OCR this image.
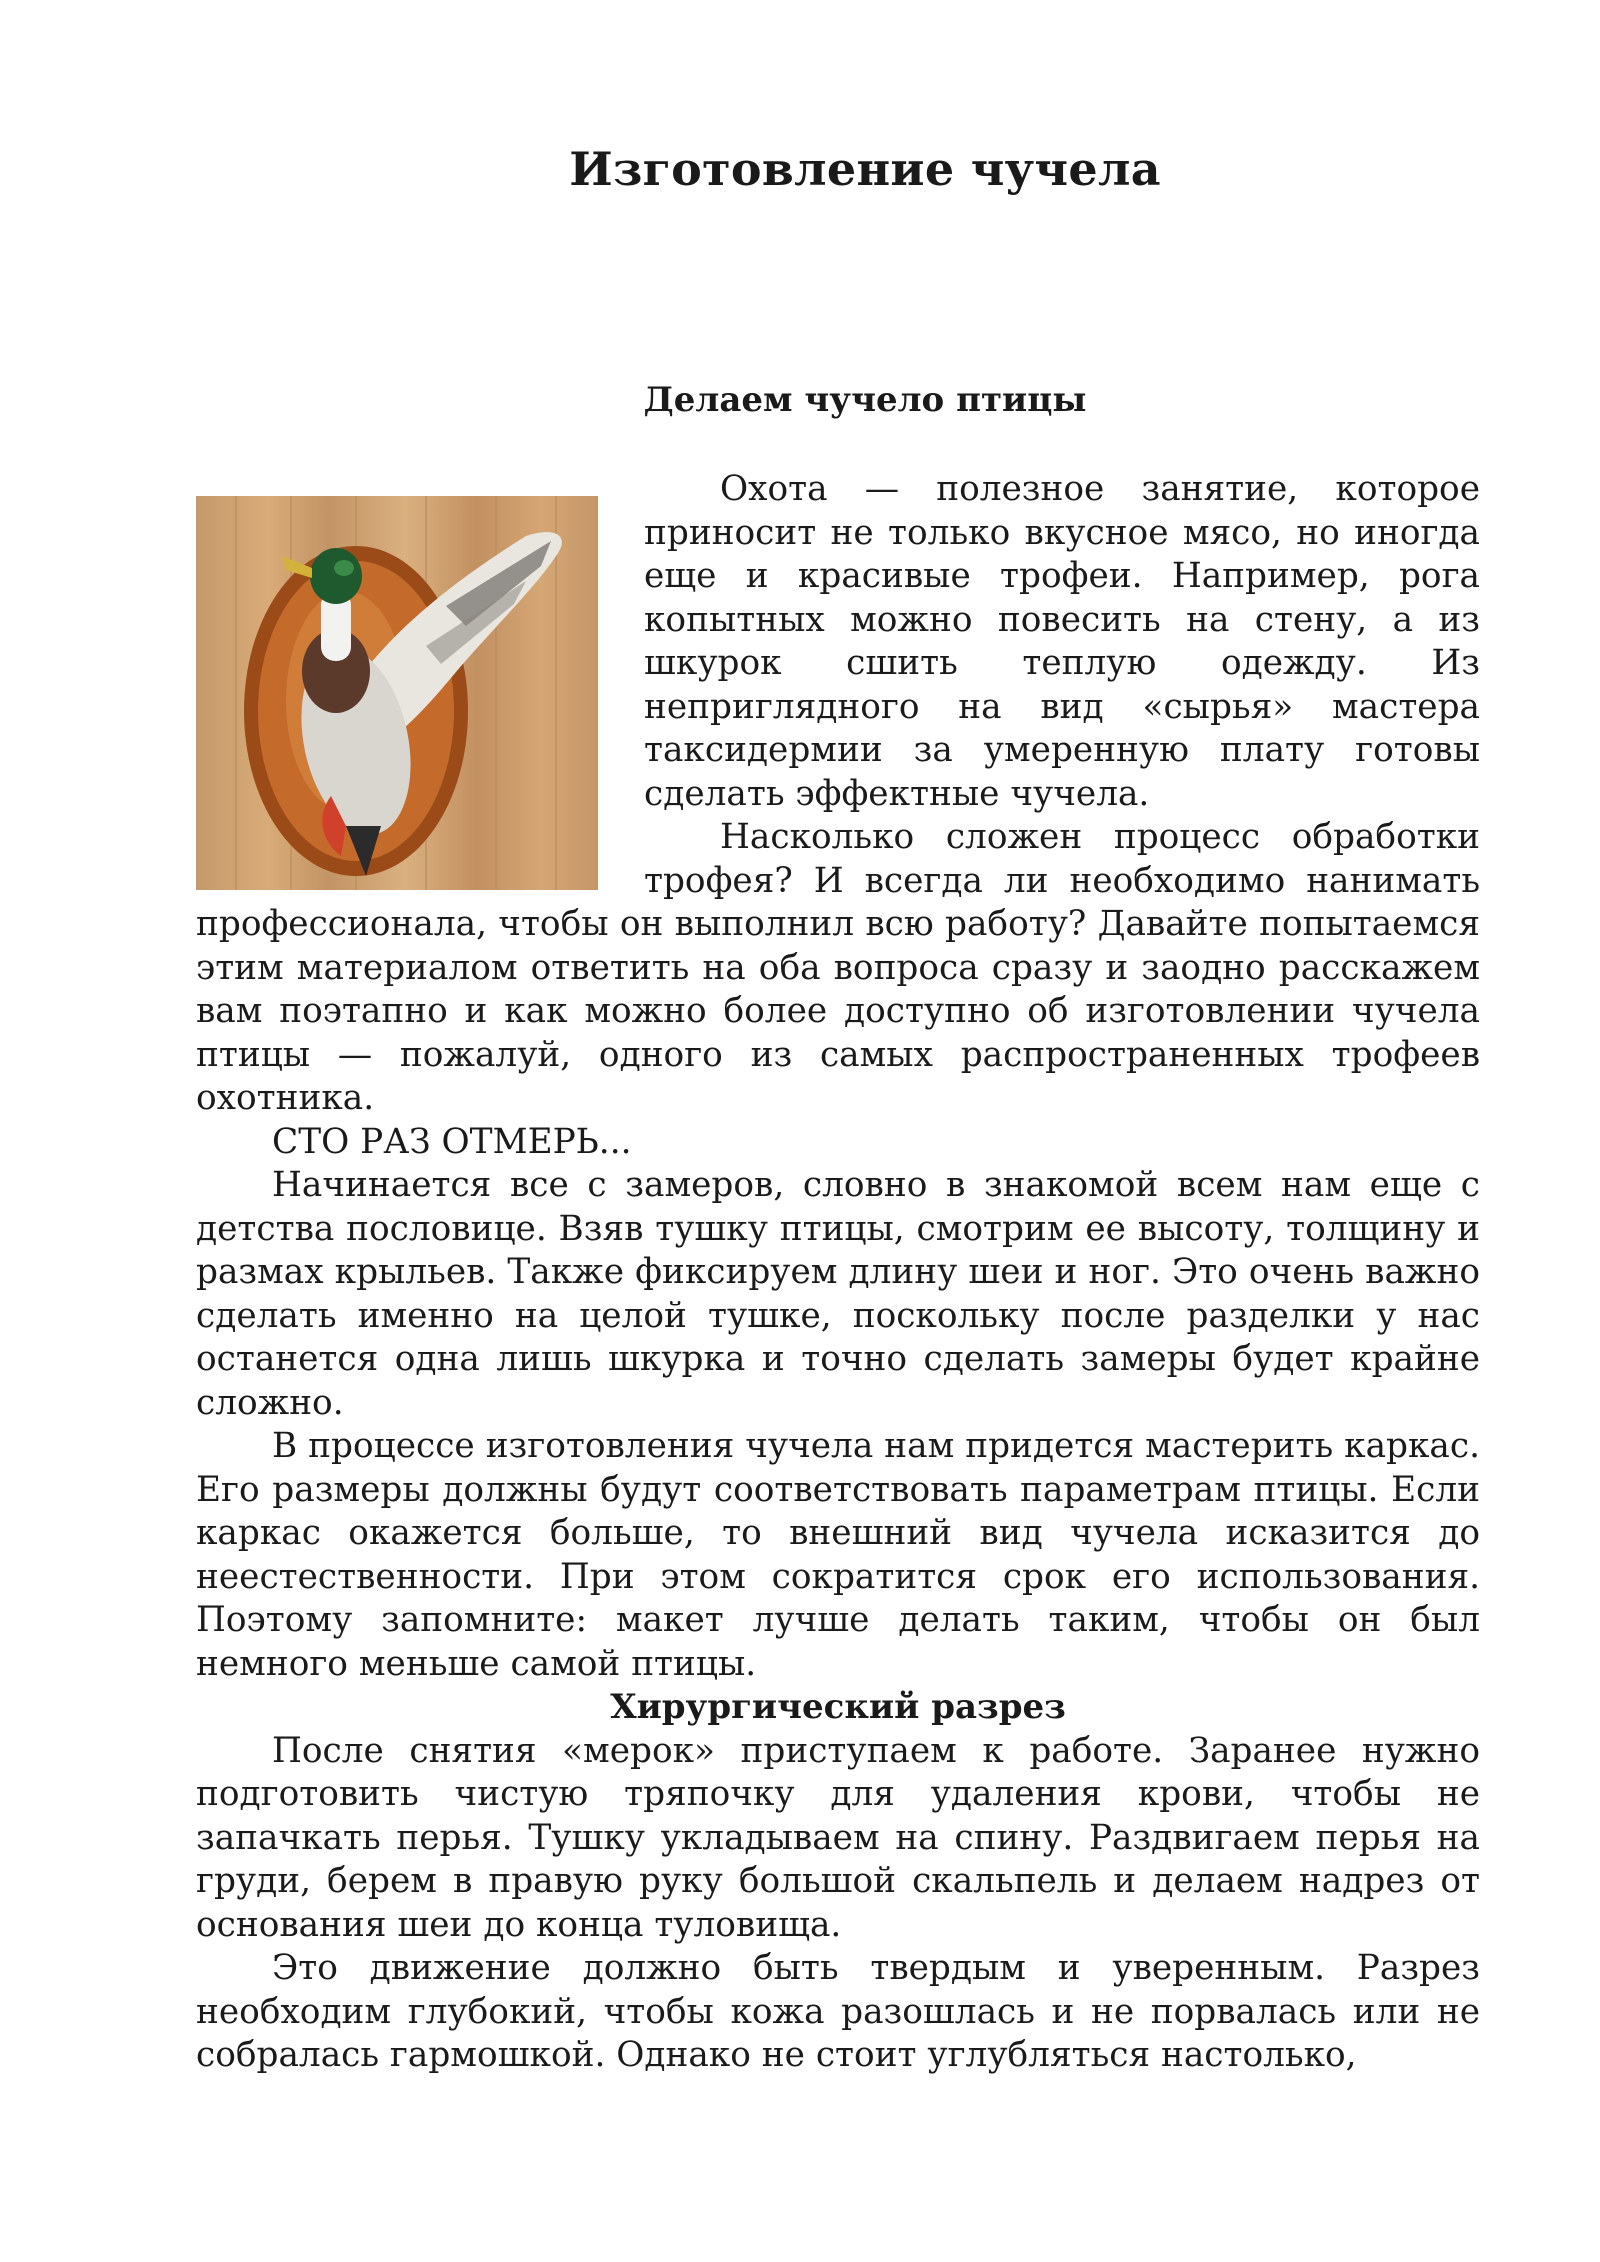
Изготовление чучела
Делаем чучело птицы

Охота — полезное занятие, которое приносит не только вкусное мясо, но иногда еще и красивые трофеи. Например, рога копытных можно повесить на стену, а из шкурок сшить теплую одежду. Из неприглядного на вид «сырья» мастера таксидермии за умеренную плату готовы сделать эффектные чучела.

Насколько сложен процесс обработки трофея? И всегда ли необходимо нанимать профессионала, чтобы он выполнил всю работу? Давайте попытаемся этим материалом ответить на оба вопроса сразу и заодно расскажем вам поэтапно и как можно более доступно об изготовлении чучела птицы — пожалуй, одного из самых распространенных трофеев охотника.

СТО РАЗ ОТМЕРЬ...

Начинается все с замеров, словно в знакомой всем нам еще с детства пословице. Взяв тушку птицы, смотрим ее высоту, толщину и размах крыльев. Также фиксируем длину шеи и ног. Это очень важно сделать именно на целой тушке, поскольку после разделки у нас останется одна лишь шкурка и точно сделать замеры будет крайне сложно.

В процессе изготовления чучела нам придется мастерить каркас. Его размеры должны будут соответствовать параметрам птицы. Если каркас окажется больше, то внешний вид чучела исказится до неестественности. При этом сократится срок его использования. Поэтому запомните: макет лучше делать таким, чтобы он был немного меньше самой птицы.

Хирургический разрез

После снятия «мерок» приступаем к работе. Заранее нужно подготовить чистую тряпочку для удаления крови, чтобы не запачкать перья. Тушку укладываем на спину. Раздвигаем перья на груди, берем в правую руку большой скальпель и делаем надрез от основания шеи до конца туловища.

Это движение должно быть твердым и уверенным. Разрез необходим глубокий, чтобы кожа разошлась и не порвалась или не собралась гармошкой. Однако не стоит углубляться настолько,
